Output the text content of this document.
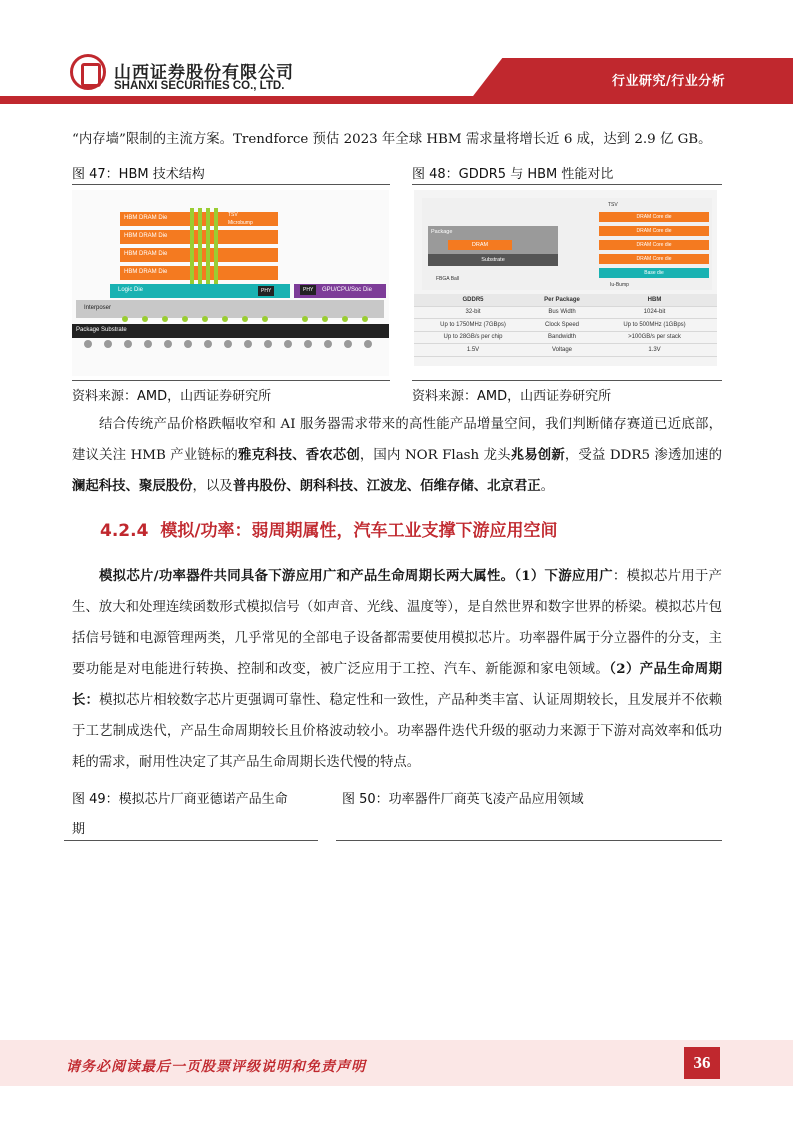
山西证券股份有限公司
SHANXI SECURITIES CO., LTD.	行业研究/行业分析
“内存墙”限制的主流方案。Trendforce 预估 2023 年全球 HBM 需求量将增长近 6 成，达到 2.9 亿 GB。
图 47：HBM 技术结构
HBM DRAM Die
HBM DRAM Die
HBM DRAM Die
HBM DRAM Die
TSV
Microbump
Logic Die	PHY	PHY GPU/CPU/Soc Die
Interposer
Package Substrate
资料来源：AMD，山西证券研究所
图 48：GDDR5 与 HBM 性能对比
Package
DRAM
Substrate
FBGA Ball
TSV
DRAM Core die
DRAM Core die
DRAM Core die
DRAM Core die
Base die
Iu-Bump
GDDR5	Per Package	HBM
32-bit	Bus Width	1024-bit
Up to 1750MHz (7GBps)	Clock Speed	Up to 500MHz (1GBps)
Up to 28GB/s per chip	Bandwidth	>100GB/s per stack
1.5V	Voltage	1.3V
资料来源：AMD，山西证券研究所
结合传统产品价格跌幅收窄和 AI 服务器需求带来的高性能产品增量空间，我们判断储存赛道已近底部，建议关注 HMB 产业链标的雅克科技、香农芯创，国内 NOR Flash 龙头兆易创新，受益 DDR5 渗透加速的澜起科技、聚辰股份，以及普冉股份、朗科科技、江波龙、佰维存储、北京君正。
4.2.4 模拟/功率：弱周期属性，汽车工业支撑下游应用空间
模拟芯片/功率器件共同具备下游应用广和产品生命周期长两大属性。（1）下游应用广：模拟芯片用于产生、放大和处理连续函数形式模拟信号（如声音、光线、温度等），是自然世界和数字世界的桥梁。模拟芯片包括信号链和电源管理两类，几乎常见的全部电子设备都需要使用模拟芯片。功率器件属于分立器件的分支，主要功能是对电能进行转换、控制和改变，被广泛应用于工控、汽车、新能源和家电领域。（2）产品生命周期长：模拟芯片相较数字芯片更强调可靠性、稳定性和一致性，产品种类丰富、认证周期较长，且发展并不依赖于工艺制成迭代，产品生命周期较长且价格波动较小。功率器件迭代升级的驱动力来源于下游对高效率和低功耗的需求，耐用性决定了其产品生命周期长迭代慢的特点。
图 49：模拟芯片厂商亚德诺产品生命
期
图 50：功率器件厂商英飞凌产品应用领域
请务必阅读最后一页股票评级说明和免责声明	36
